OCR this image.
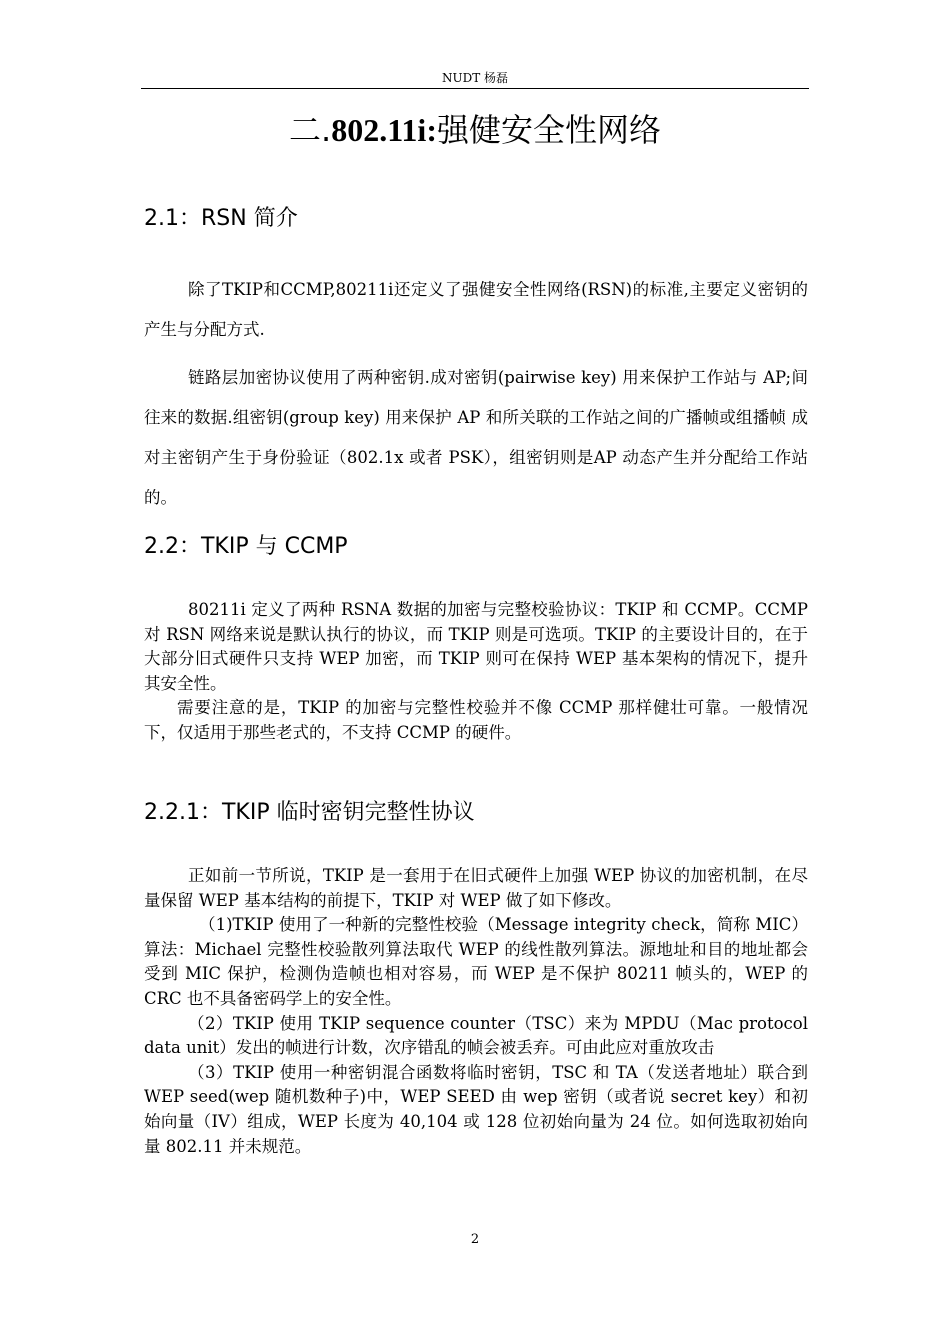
NUDT 杨磊
二.802.11i:强健安全性网络
2.1：RSN 简介

除了TKIP和CCMP,80211i还定义了强健安全性网络(RSN)的标准,主要定义密钥的产生与分配方式.

链路层加密协议使用了两种密钥.成对密钥(pairwise key) 用来保护工作站与 AP;间往来的数据.组密钥(group key) 用来保护 AP 和所关联的工作站之间的广播帧或组播帧 成对主密钥产生于身份验证（802.1x 或者 PSK），组密钥则是AP 动态产生并分配给工作站的。

2.2：TKIP 与 CCMP

80211i 定义了两种 RSNA 数据的加密与完整校验协议：TKIP 和 CCMP。CCMP 对 RSN 网络来说是默认执行的协议，而 TKIP 则是可选项。TKIP 的主要设计目的，在于大部分旧式硬件只支持 WEP 加密，而 TKIP 则可在保持 WEP 基本架构的情况下，提升其安全性。

需要注意的是，TKIP 的加密与完整性校验并不像 CCMP 那样健壮可靠。一般情况下，仅适用于那些老式的，不支持 CCMP 的硬件。

2.2.1：TKIP 临时密钥完整性协议

正如前一节所说，TKIP 是一套用于在旧式硬件上加强 WEP 协议的加密机制，在尽量保留 WEP 基本结构的前提下，TKIP 对 WEP 做了如下修改。

（1)TKIP 使用了一种新的完整性校验（Message integrity check，简称 MIC）算法：Michael 完整性校验散列算法取代 WEP 的线性散列算法。源地址和目的地址都会受到 MIC 保护，检测伪造帧也相对容易，而 WEP 是不保护 80211 帧头的，WEP 的 CRC 也不具备密码学上的安全性。

（2）TKIP 使用 TKIP sequence counter（TSC）来为 MPDU（Mac protocol data unit）发出的帧进行计数，次序错乱的帧会被丢弃。可由此应对重放攻击

（3）TKIP 使用一种密钥混合函数将临时密钥，TSC 和 TA（发送者地址）联合到 WEP seed(wep 随机数种子)中，WEP SEED 由 wep 密钥（或者说 secret key）和初始向量（IV）组成，WEP 长度为 40,104 或 128 位初始向量为 24 位。如何选取初始向量 802.11 并未规范。

2
